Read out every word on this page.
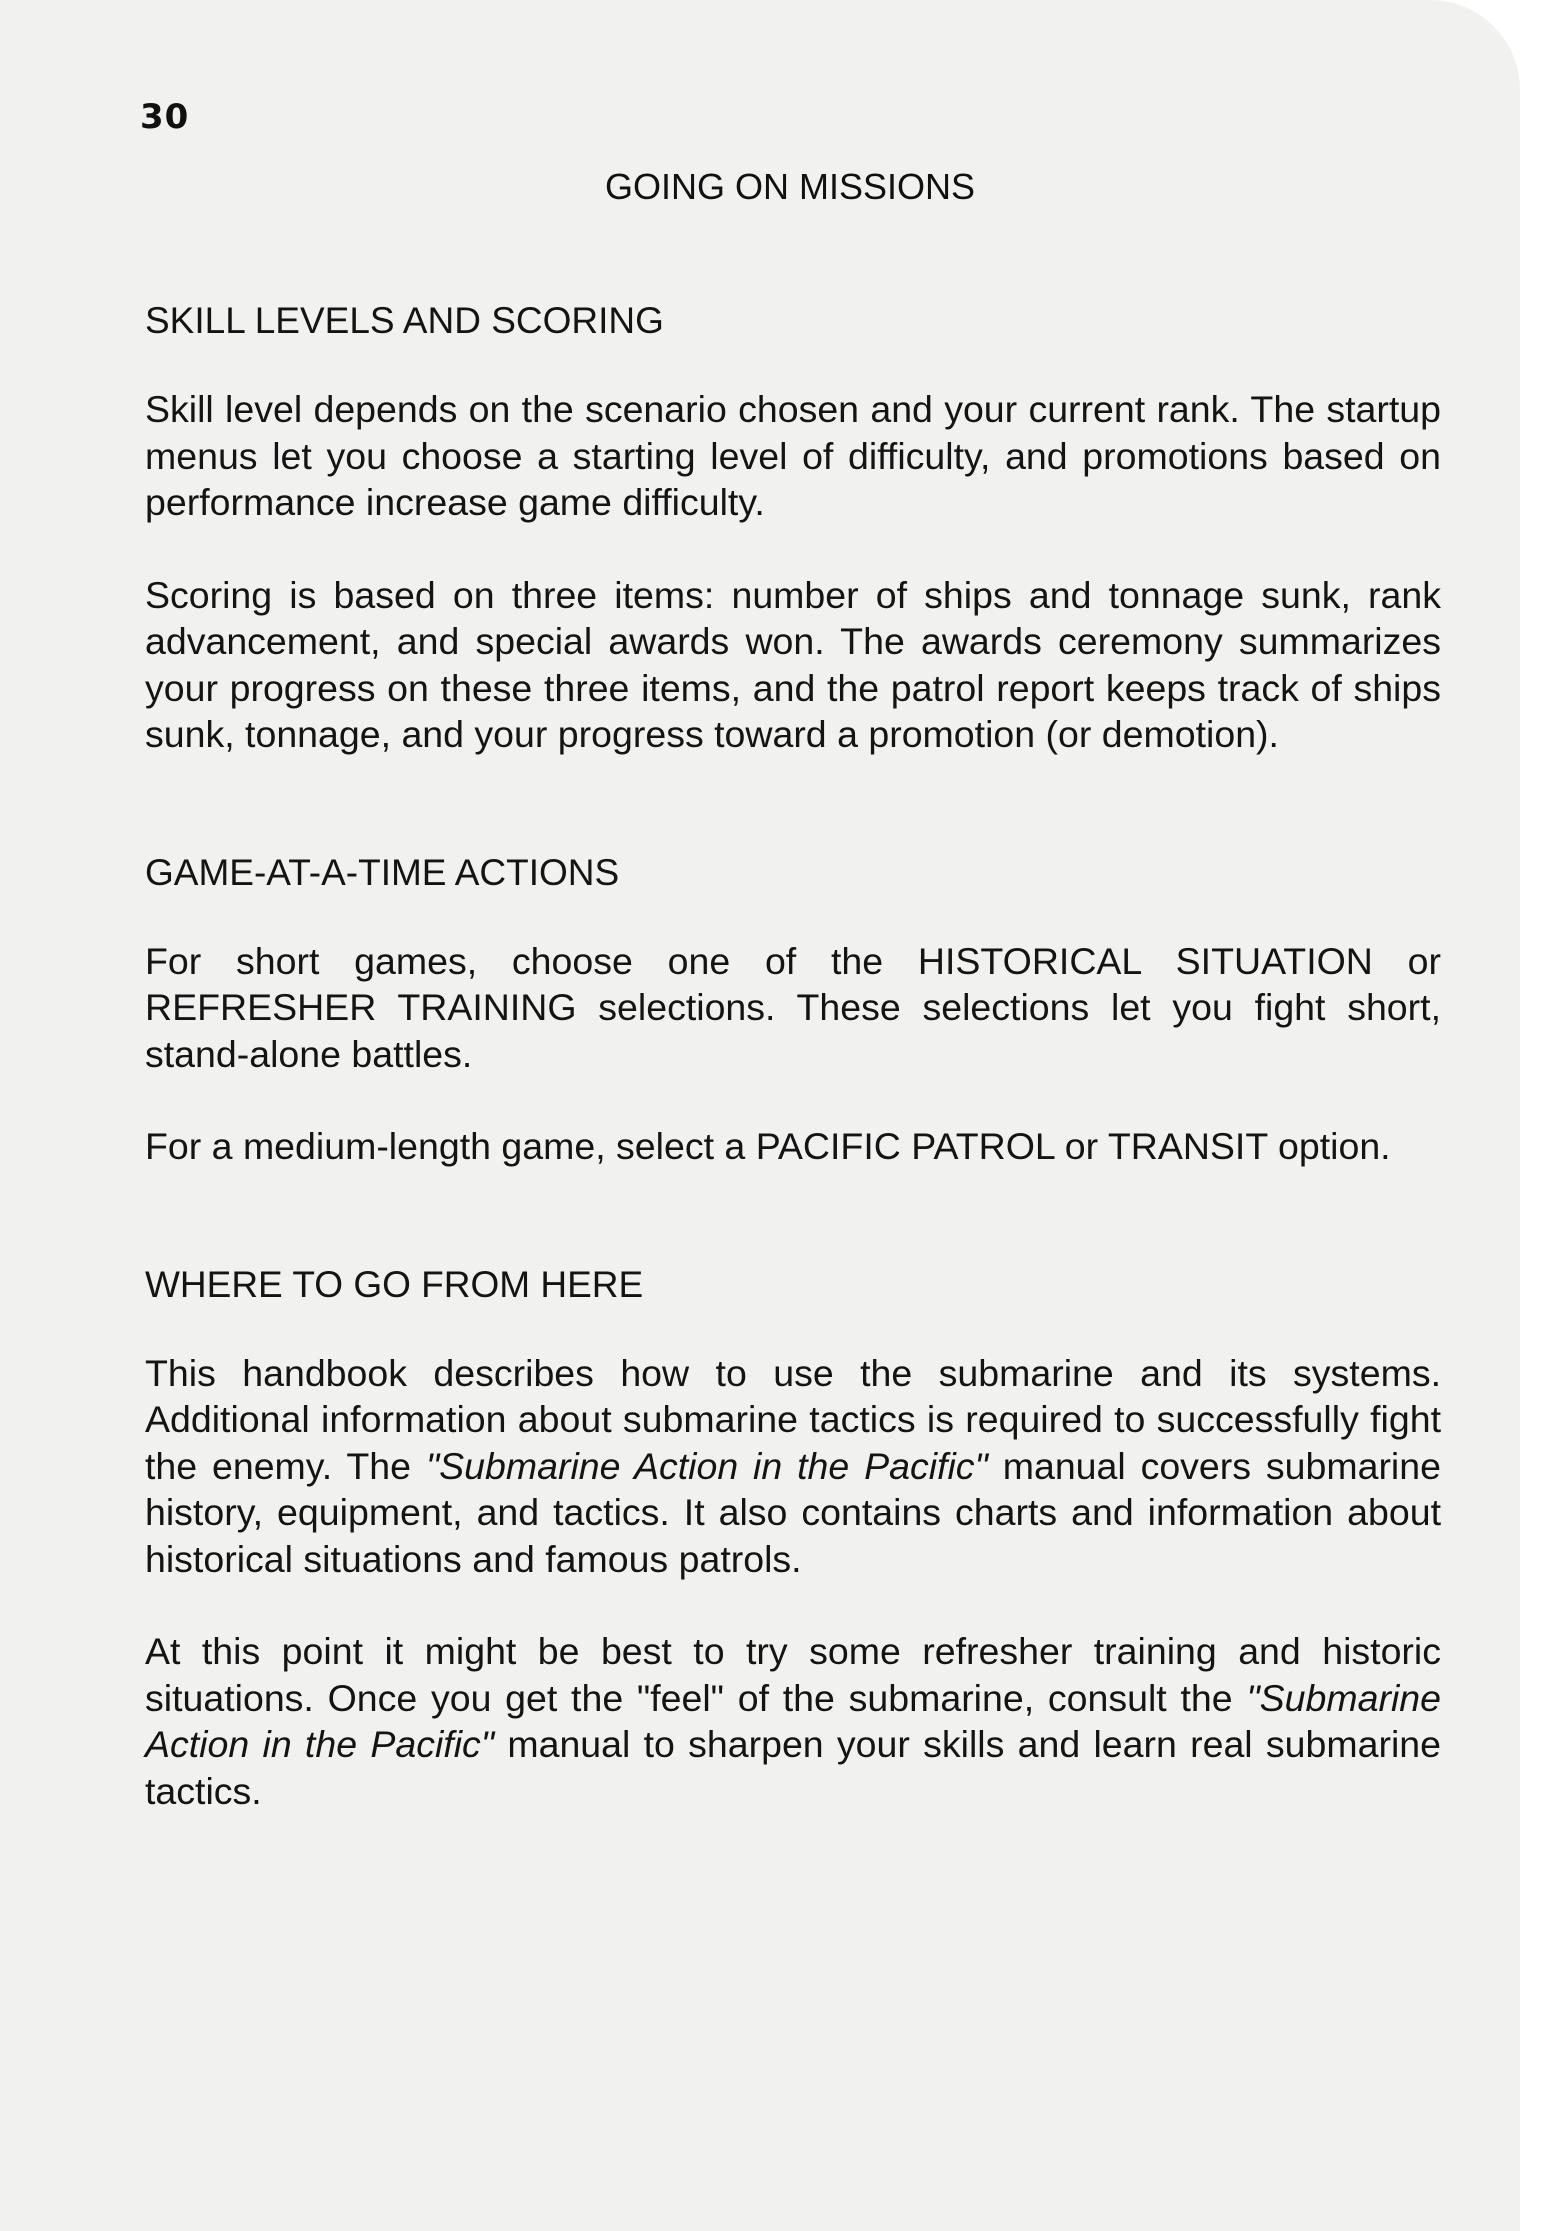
30
GOING ON MISSIONS
SKILL LEVELS AND SCORING

Skill level depends on the scenario chosen and your current rank. The startup menus let you choose a starting level of difficulty, and promotions based on performance increase game difficulty.

Scoring is based on three items: number of ships and tonnage sunk, rank advancement, and special awards won. The awards ceremony summarizes your progress on these three items, and the patrol report keeps track of ships sunk, tonnage, and your progress toward a promotion (or demotion).

GAME-AT-A-TIME ACTIONS

For short games, choose one of the HISTORICAL SITUATION or REFRESHER TRAINING selections. These selections let you fight short, stand-alone battles.

For a medium-length game, select a PACIFIC PATROL or TRANSIT option.

WHERE TO GO FROM HERE

This handbook describes how to use the submarine and its systems. Additional information about submarine tactics is required to successfully fight the enemy. The "Submarine Action in the Pacific" manual covers submarine history, equipment, and tactics. It also contains charts and information about historical situations and famous patrols.

At this point it might be best to try some refresher training and historic situations. Once you get the "feel" of the submarine, consult the "Submarine Action in the Pacific" manual to sharpen your skills and learn real submarine tactics.
